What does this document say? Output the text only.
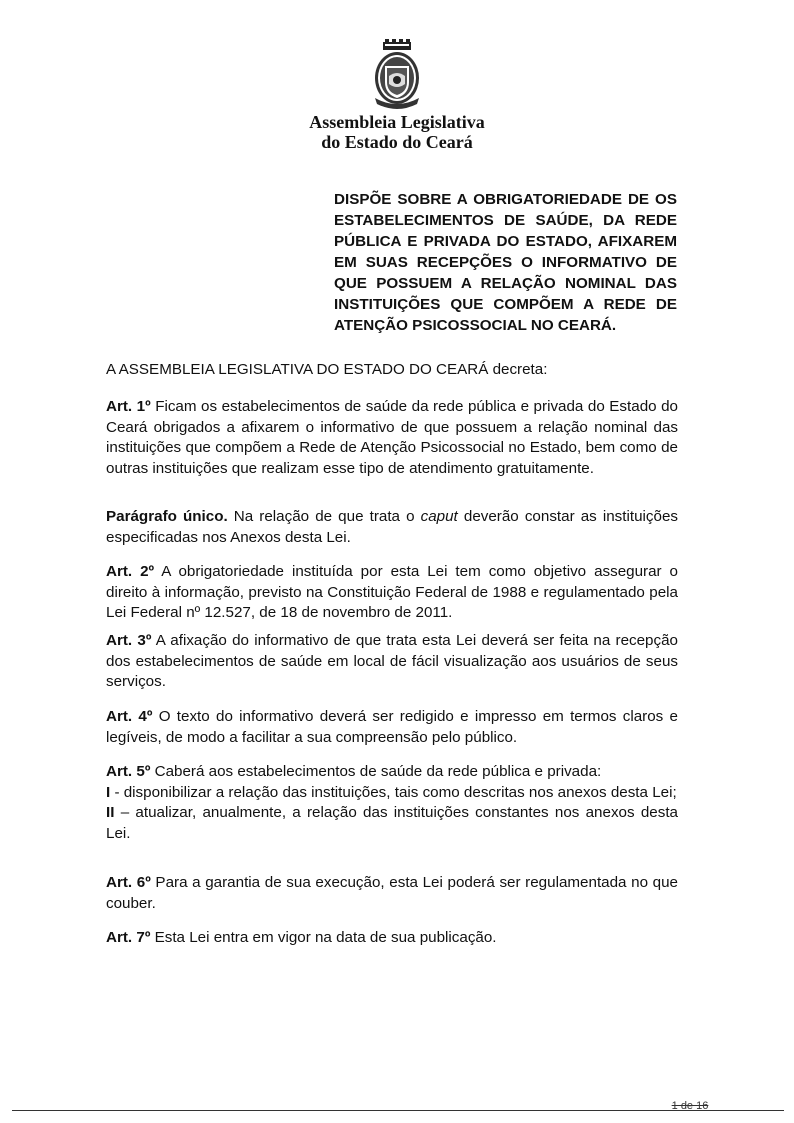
Assembleia Legislativa

do Estado do Ceará

DISPÕE SOBRE A OBRIGATORIEDADE DE OS ESTABELECIMENTOS DE SAÚDE, DA REDE PÚBLICA E PRIVADA DO ESTADO, AFIXAREM EM SUAS RECEPÇÕES O INFORMATIVO DE QUE POSSUEM A RELAÇÃO NOMINAL DAS INSTITUIÇÕES QUE COMPÕEM A REDE DE ATENÇÃO PSICOSSOCIAL NO CEARÁ.

A ASSEMBLEIA LEGISLATIVA DO ESTADO DO CEARÁ decreta:

Art. 1º Ficam os estabelecimentos de saúde da rede pública e privada do Estado do Ceará obrigados a afixarem o informativo de que possuem a relação nominal das instituições que compõem a Rede de Atenção Psicossocial no Estado, bem como de outras instituições que realizam esse tipo de atendimento gratuitamente.

Parágrafo único. Na relação de que trata o caput deverão constar as instituições especificadas nos Anexos desta Lei.

Art. 2º A obrigatoriedade instituída por esta Lei tem como objetivo assegurar o direito à informação, previsto na Constituição Federal de 1988 e regulamentado pela Lei Federal nº 12.527, de 18 de novembro de 2011.

Art. 3º A afixação do informativo de que trata esta Lei deverá ser feita na recepção dos estabelecimentos de saúde em local de fácil visualização aos usuários de seus serviços.

Art. 4º O texto do informativo deverá ser redigido e impresso em termos claros e legíveis, de modo a facilitar a sua compreensão pelo público.

Art. 5º Caberá aos estabelecimentos de saúde da rede pública e privada:
I - disponibilizar a relação das instituições, tais como descritas nos anexos desta Lei;
II – atualizar, anualmente, a relação das instituições constantes nos anexos desta Lei.

Art. 6º Para a garantia de sua execução, esta Lei poderá ser regulamentada no que couber.

Art. 7º Esta Lei entra em vigor na data de sua publicação.

1 de 16
